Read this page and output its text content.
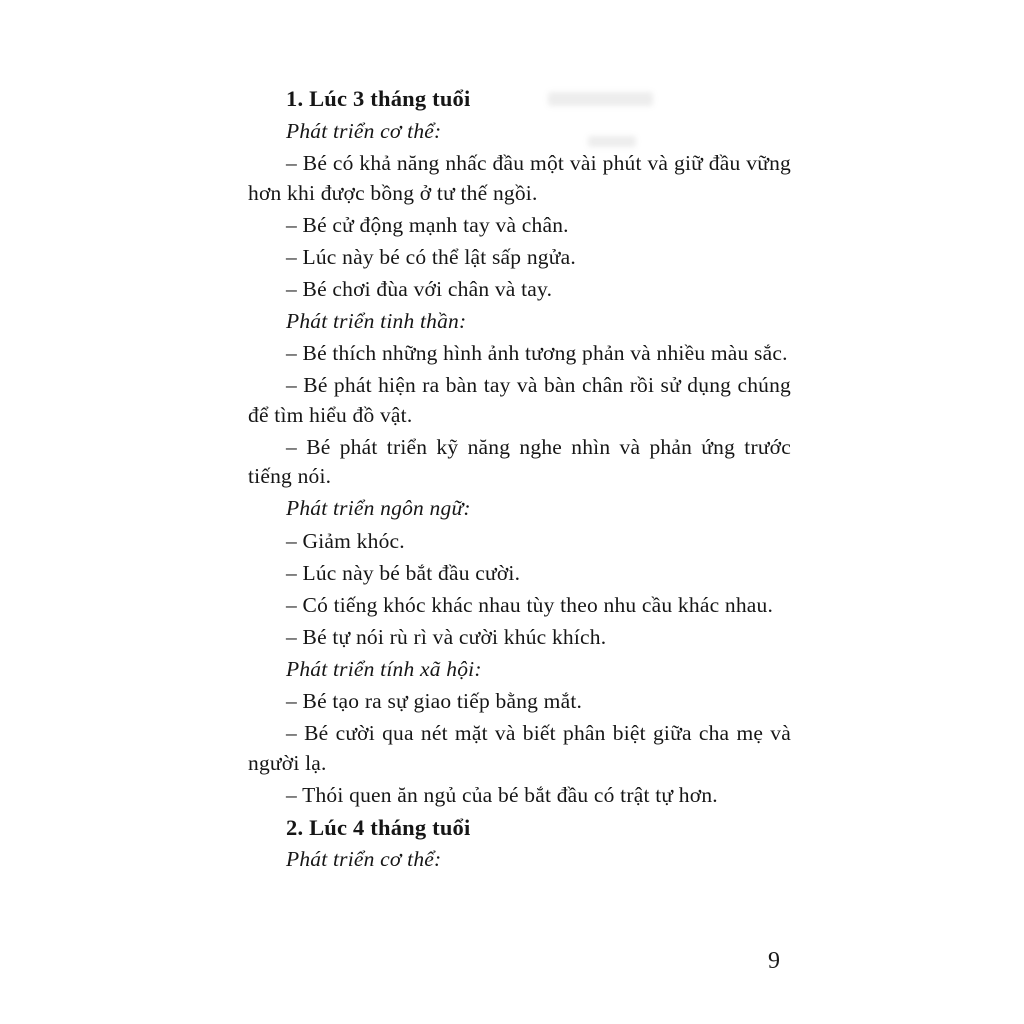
1. Lúc 3 tháng tuổi

Phát triển cơ thể:

– Bé có khả năng nhấc đầu một vài phút và giữ đầu vững hơn khi được bồng ở tư thế ngồi.

– Bé cử động mạnh tay và chân.

– Lúc này bé có thể lật sấp ngửa.

– Bé chơi đùa với chân và tay.

Phát triển tinh thần:

– Bé thích những hình ảnh tương phản và nhiều màu sắc.

– Bé phát hiện ra bàn tay và bàn chân rồi sử dụng chúng để tìm hiểu đồ vật.

– Bé phát triển kỹ năng nghe nhìn và phản ứng trước tiếng nói.

Phát triển ngôn ngữ:

– Giảm khóc.

– Lúc này bé bắt đầu cười.

– Có tiếng khóc khác nhau tùy theo nhu cầu khác nhau.

– Bé tự nói rù rì và cười khúc khích.

Phát triển tính xã hội:

– Bé tạo ra sự giao tiếp bằng mắt.

– Bé cười qua nét mặt và biết phân biệt giữa cha mẹ và người lạ.

– Thói quen ăn ngủ của bé bắt đầu có trật tự hơn.

2. Lúc 4 tháng tuổi

Phát triển cơ thể:

9
